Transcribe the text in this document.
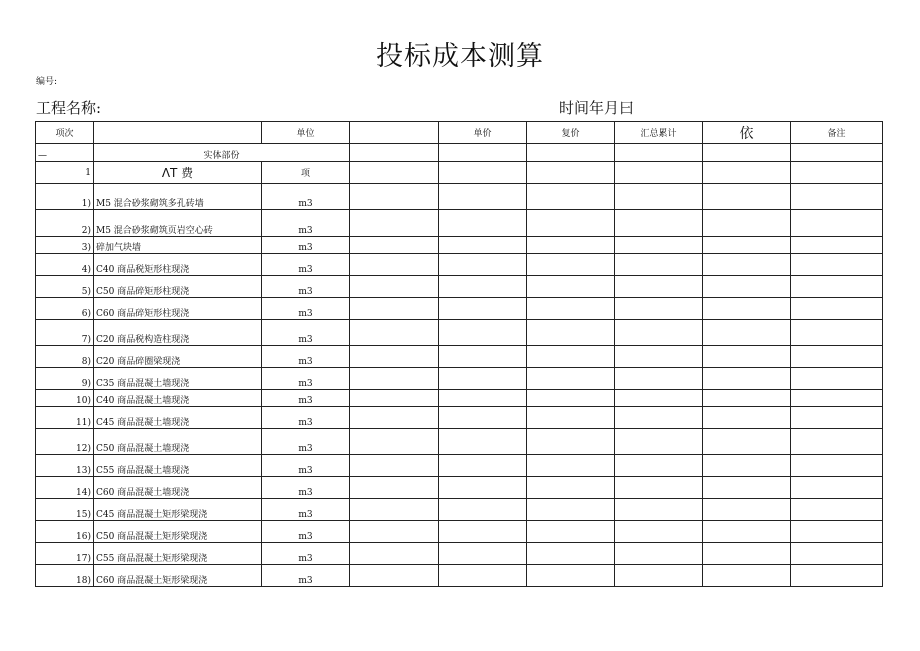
投标成本测算
编号:
工程名称:	时间年月曰
项次		单位		单价	复价	汇总累计	依	备注
—	实体部份							
1	ΛT 费	项						
1)	M5 混合砂浆砌筑多孔砖墙	m3						
2)	M5 混合砂浆砌筑页岩空心砖	m3						
3)	碎加气块墙	m3						
4)	C40 商品税矩形柱现浇	m3						
5)	C50 商品碎矩形柱现浇	m3						
6)	C60 商品碎矩形柱现浇	m3						
7)	C20 商品税构造柱现浇	m3						
8)	C20 商品碎圈梁现浇	m3						
9)	C35 商品混凝土墙现浇	m3						
10)	C40 商品混凝土墙现浇	m3						
11)	C45 商品混凝土墙现浇	m3						
12)	C50 商品混凝土墙现浇	m3						
13)	C55 商品混凝土墙现浇	m3						
14)	C60 商品混凝土墙现浇	m3						
15)	C45 商品混凝土矩形梁现浇	m3						
16)	C50 商品混凝土矩形梁现浇	m3						
17)	C55 商品混凝土矩形梁现浇	m3						
18)	C60 商品混凝土矩形梁现浇	m3						
